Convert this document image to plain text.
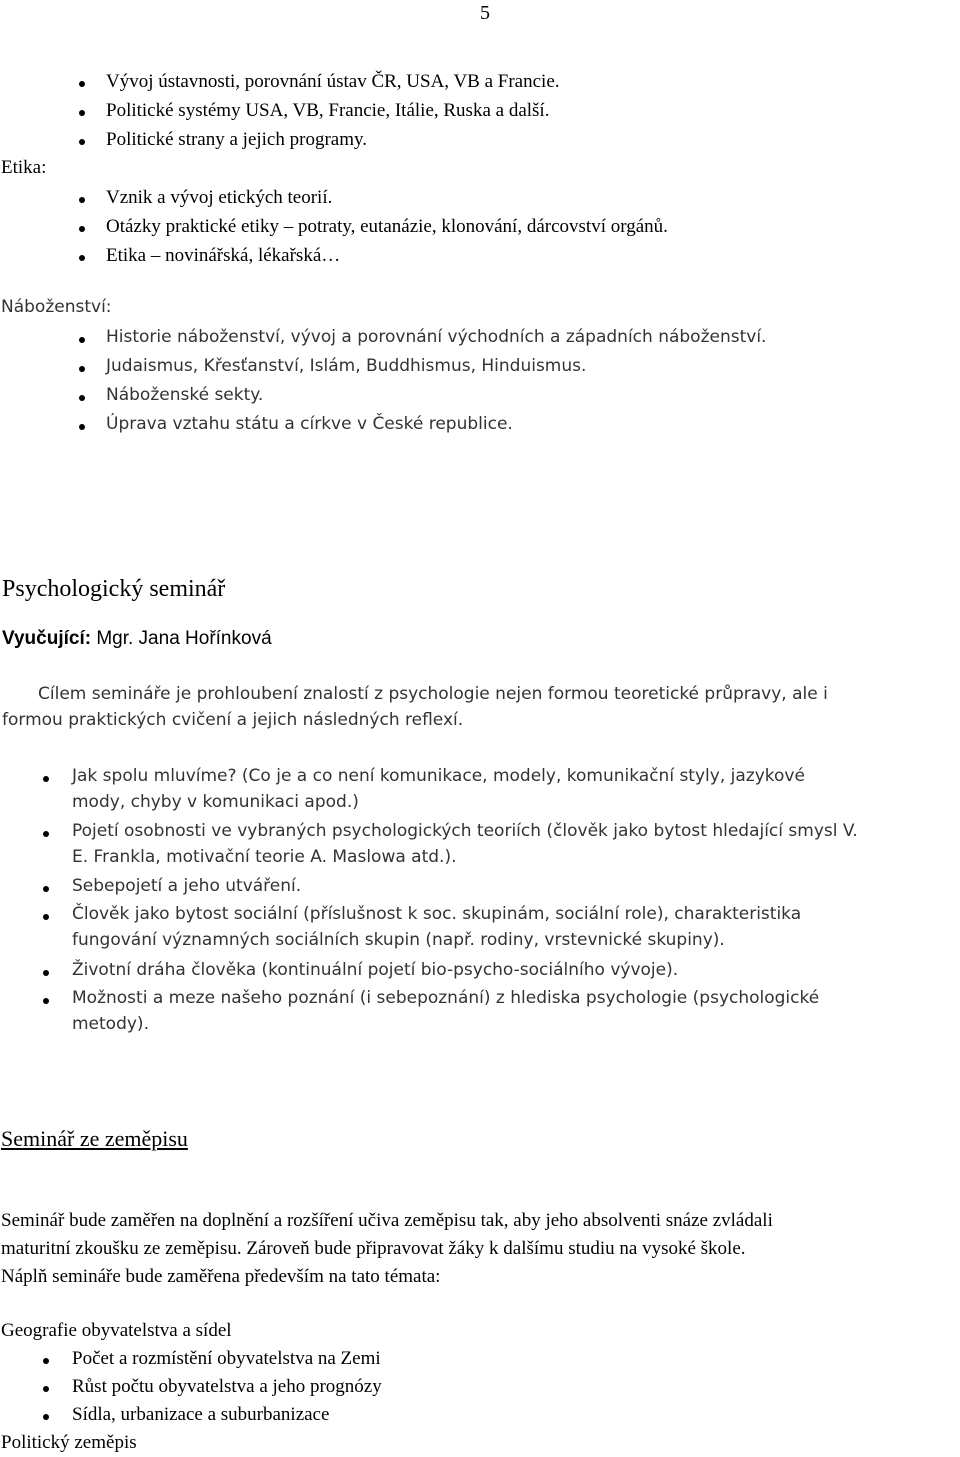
5
Vývoj ústavnosti, porovnání ústav ČR, USA, VB a Francie.
Politické systémy USA, VB, Francie, Itálie, Ruska a další.
Politické strany a jejich programy.
Etika:
Vznik a vývoj etických teorií.
Otázky praktické etiky – potraty, eutanázie, klonování, dárcovství orgánů.
Etika – novinářská, lékařská…
Náboženství:
Historie náboženství, vývoj a porovnání východních a západních náboženství.
Judaismus, Křesťanství, Islám, Buddhismus, Hinduismus.
Náboženské sekty.
Úprava vztahu státu a církve v České republice.
Psychologický seminář
Vyučující: Mgr. Jana Hořínková
Cílem semináře je prohloubení znalostí z psychologie nejen formou teoretické průpravy, ale i
formou praktických cvičení a jejich následných reflexí.
Jak spolu mluvíme? (Co je a co není komunikace, modely, komunikační styly, jazykové
mody, chyby v komunikaci apod.)
Pojetí osobnosti ve vybraných psychologických teoriích (člověk jako bytost hledající smysl V.
E. Frankla, motivační teorie A. Maslowa atd.).
Sebepojetí a jeho utváření.
Člověk jako bytost sociální (příslušnost k soc. skupinám, sociální role), charakteristika
fungování významných sociálních skupin (např. rodiny, vrstevnické skupiny).
Životní dráha člověka (kontinuální pojetí bio-psycho-sociálního vývoje).
Možnosti a meze našeho poznání (i sebepoznání) z hlediska psychologie (psychologické
metody).
Seminář ze zeměpisu
Seminář bude zaměřen na doplnění a rozšíření učiva zeměpisu tak, aby jeho absolventi snáze zvládali
maturitní zkoušku ze zeměpisu. Zároveň bude připravovat žáky k dalšímu studiu na vysoké škole.
Náplň semináře bude zaměřena především na tato témata:
Geografie obyvatelstva a sídel
Počet a rozmístění obyvatelstva na Zemi
Růst počtu obyvatelstva a jeho prognózy
Sídla, urbanizace a suburbanizace
Politický zeměpis
